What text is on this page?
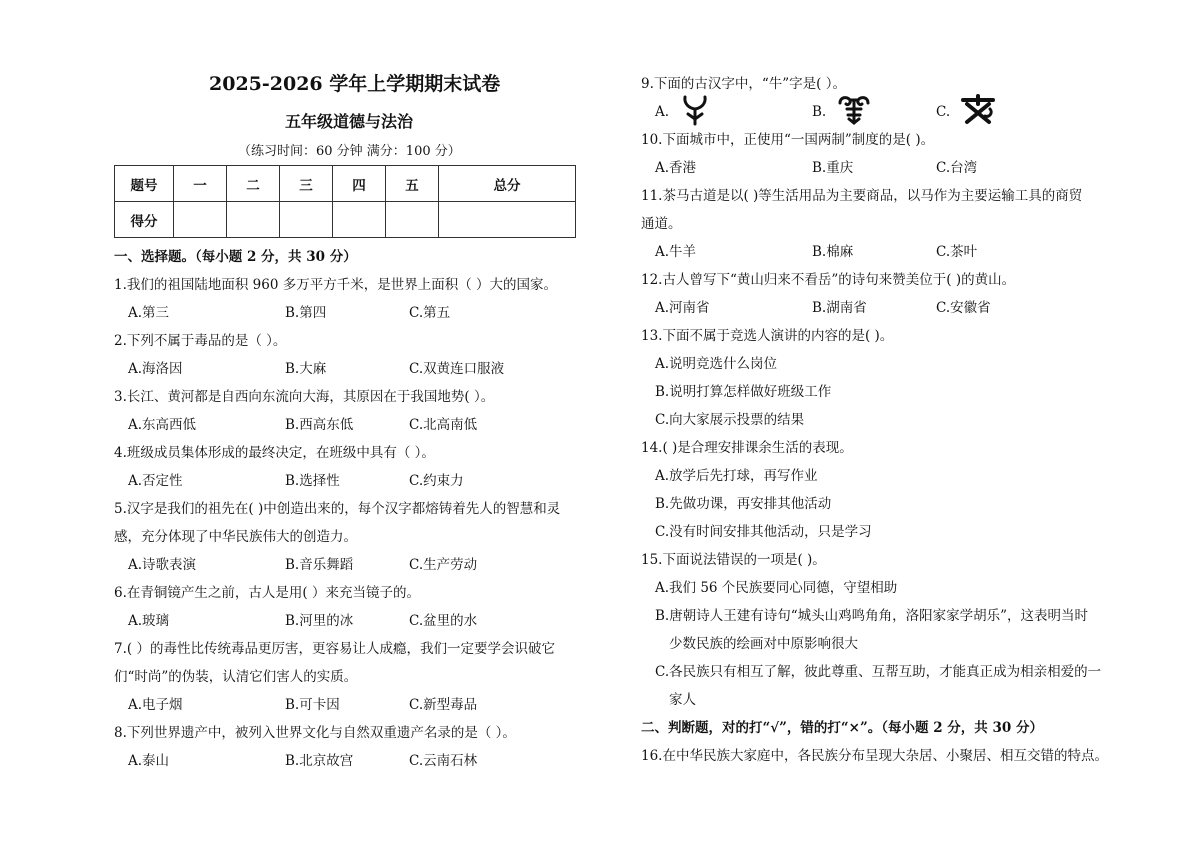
2025-2026 学年上学期期末试卷
五年级道德与法治
（练习时间：60 分钟 满分：100 分）
题号	一	二	三	四	五	总分
得分						
一、选择题。（每小题 2 分，共 30 分）
1.我们的祖国陆地面积 960 多万平方千米，是世界上面积（ ）大的国家。
A.第三	B.第四	C.第五
2.下列不属于毒品的是（ ）。
A.海洛因	B.大麻	C.双黄连口服液
3.长江、黄河都是自西向东流向大海，其原因在于我国地势( ）。
A.东高西低	B.西高东低	C.北高南低
4.班级成员集体形成的最终决定，在班级中具有（ ）。
A.否定性	B.选择性	C.约束力
5.汉字是我们的祖先在( )中创造出来的，每个汉字都熔铸着先人的智慧和灵
感，充分体现了中华民族伟大的创造力。
A.诗歌表演	B.音乐舞蹈	C.生产劳动
6.在青铜镜产生之前，古人是用( ）来充当镜子的。
A.玻璃	B.河里的冰	C.盆里的水
7.( ）的毒性比传统毒品更厉害，更容易让人成瘾，我们一定要学会识破它
们“时尚”的伪装，认清它们害人的实质。
A.电子烟	B.可卡因	C.新型毒品
8.下列世界遗产中，被列入世界文化与自然双重遗产名录的是（ ）。
A.泰山	B.北京故宫	C.云南石林
9.下面的古汉字中，“牛”字是( ）。
A.	B.	C.
10.下面城市中，正使用“一国两制”制度的是( )。
A.香港	B.重庆	C.台湾
11.茶马古道是以( )等生活用品为主要商品，以马作为主要运输工具的商贸
通道。
A.牛羊	B.棉麻	C.茶叶
12.古人曾写下“黄山归来不看岳”的诗句来赞美位于( )的黄山。
A.河南省	B.湖南省	C.安徽省
13.下面不属于竞选人演讲的内容的是( )。
A.说明竞选什么岗位
B.说明打算怎样做好班级工作
C.向大家展示投票的结果
14.( )是合理安排课余生活的表现。
A.放学后先打球，再写作业
B.先做功课，再安排其他活动
C.没有时间安排其他活动，只是学习
15.下面说法错误的一项是( )。
A.我们 56 个民族要同心同德，守望相助
B.唐朝诗人王建有诗句“城头山鸡鸣角角，洛阳家家学胡乐”，这表明当时
少数民族的绘画对中原影响很大
C.各民族只有相互了解，彼此尊重、互帮互助，才能真正成为相亲相爱的一
家人
二、判断题，对的打“√”，错的打“×”。（每小题 2 分，共 30 分）
16.在中华民族大家庭中，各民族分布呈现大杂居、小聚居、相互交错的特点。
